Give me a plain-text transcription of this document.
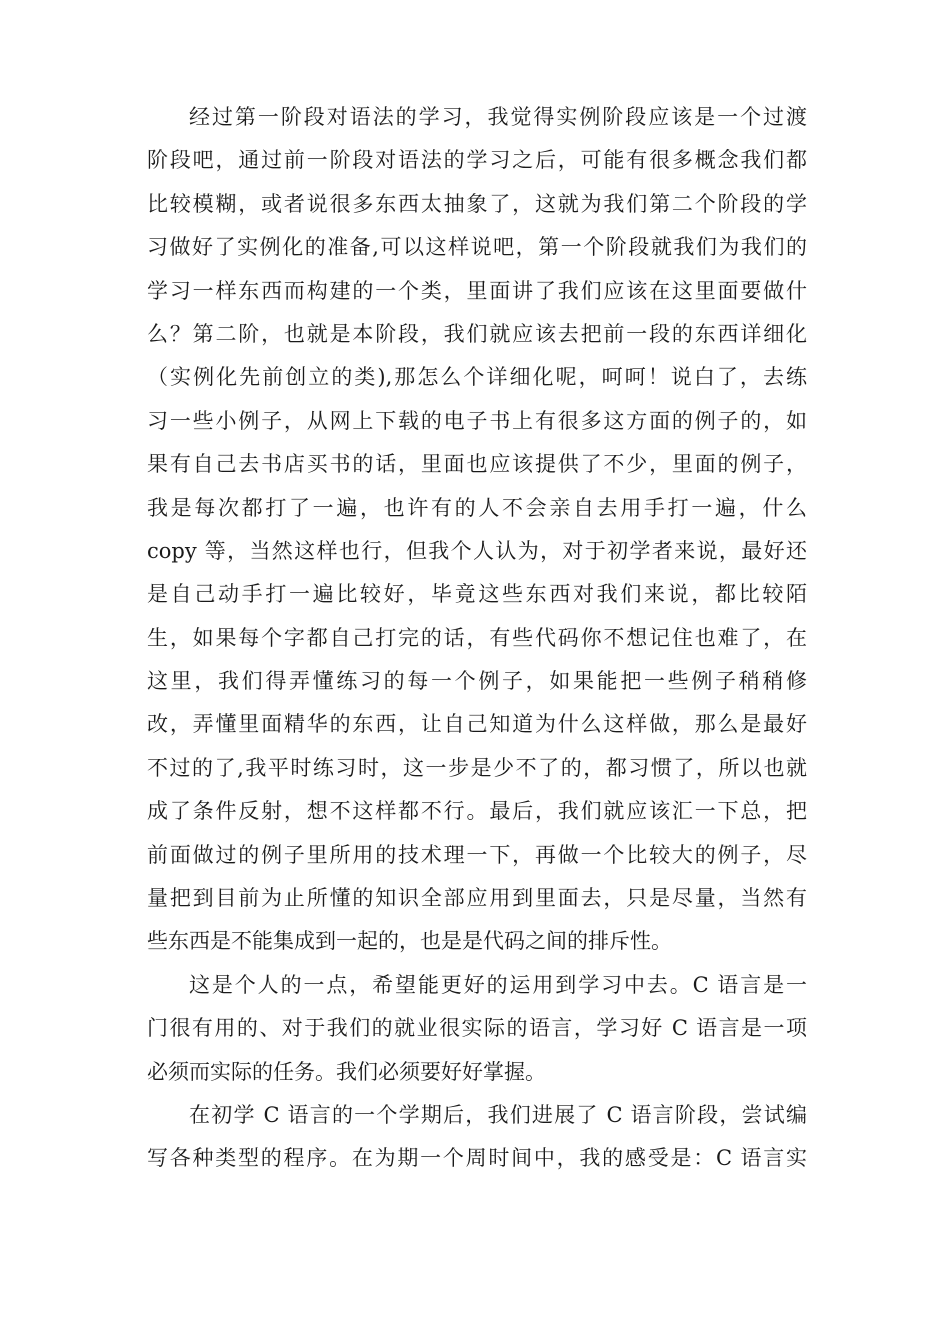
经过第一阶段对语法的学习，我觉得实例阶段应该是一个过渡
阶段吧，通过前一阶段对语法的学习之后，可能有很多概念我们都
比较模糊，或者说很多东西太抽象了，这就为我们第二个阶段的学
习做好了实例化的准备,可以这样说吧，第一个阶段就我们为我们的
学习一样东西而构建的一个类，里面讲了我们应该在这里面要做什
么？第二阶，也就是本阶段，我们就应该去把前一段的东西详细化
（实例化先前创立的类),那怎么个详细化呢，呵呵！说白了，去练
习一些小例子，从网上下载的电子书上有很多这方面的例子的，如
果有自己去书店买书的话，里面也应该提供了不少，里面的例子，
我是每次都打了一遍，也许有的人不会亲自去用手打一遍，什么
copy 等，当然这样也行，但我个人认为，对于初学者来说，最好还
是自己动手打一遍比较好，毕竟这些东西对我们来说，都比较陌
生，如果每个字都自己打完的话，有些代码你不想记住也难了，在
这里，我们得弄懂练习的每一个例子，如果能把一些例子稍稍修
改，弄懂里面精华的东西，让自己知道为什么这样做，那么是最好
不过的了,我平时练习时，这一步是少不了的，都习惯了，所以也就
成了条件反射，想不这样都不行。最后，我们就应该汇一下总，把
前面做过的例子里所用的技术理一下，再做一个比较大的例子，尽
量把到目前为止所懂的知识全部应用到里面去，只是尽量，当然有
些东西是不能集成到一起的，也是是代码之间的排斥性。
这是个人的一点，希望能更好的运用到学习中去。C 语言是一
门很有用的、对于我们的就业很实际的语言，学习好 C 语言是一项
必须而实际的任务。我们必须要好好掌握。
在初学 C 语言的一个学期后，我们进展了 C 语言阶段，尝试编
写各种类型的程序。在为期一个周时间中，我的感受是：C 语言实
